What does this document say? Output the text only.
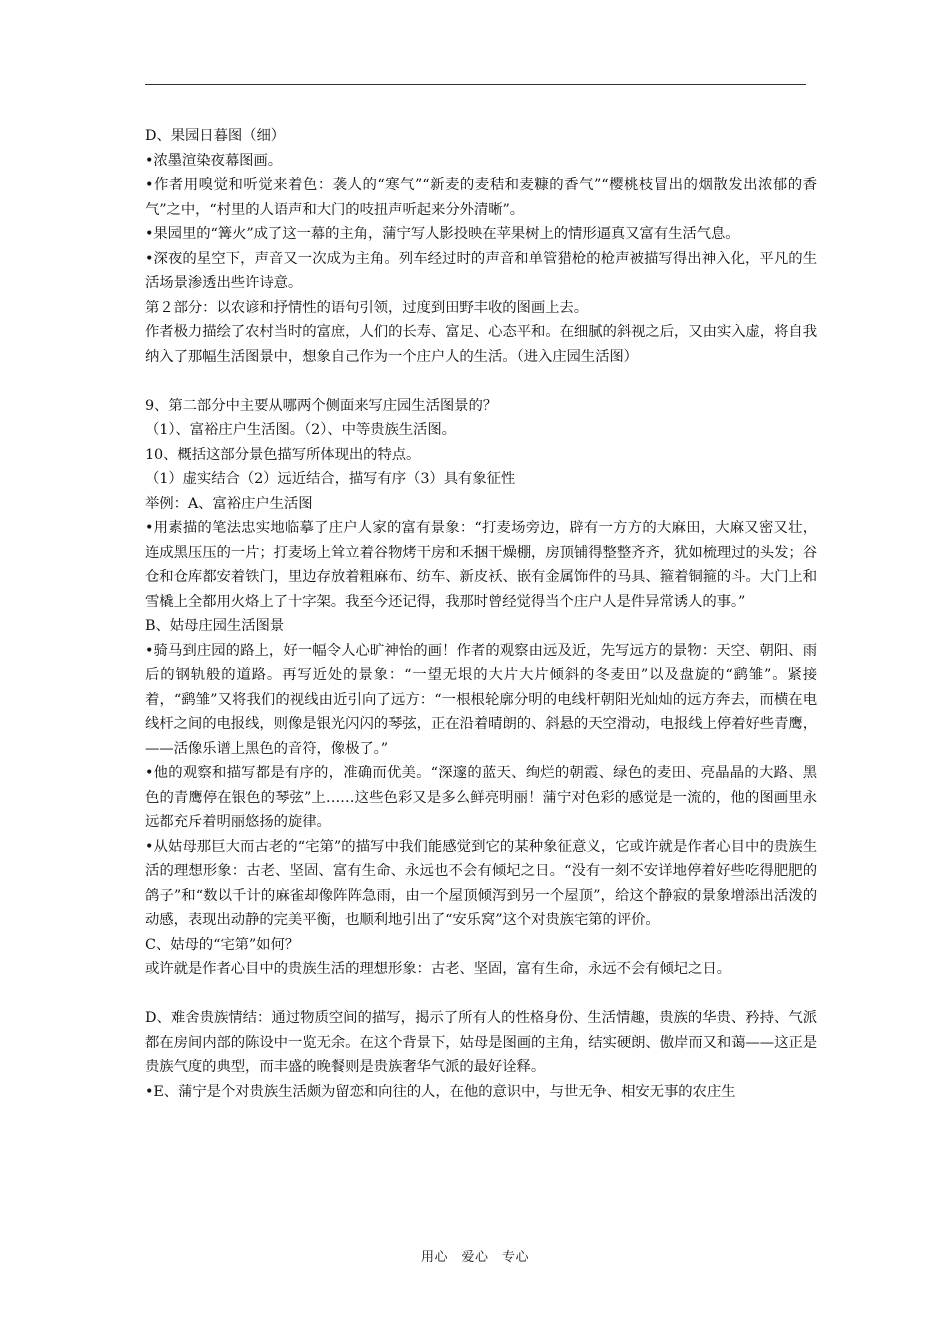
D、果园日暮图（细）

•浓墨渲染夜幕图画。

•作者用嗅觉和听觉来着色：袭人的“寒气”“新麦的麦秸和麦糠的香气”“樱桃枝冒出的烟散发出浓郁的香气”之中，“村里的人语声和大门的吱扭声听起来分外清晰”。

•果园里的“篝火”成了这一幕的主角，蒲宁写人影投映在苹果树上的情形逼真又富有生活气息。

•深夜的星空下，声音又一次成为主角。列车经过时的声音和单管猎枪的枪声被描写得出神入化，平凡的生活场景渗透出些许诗意。

第２部分：以农谚和抒情性的语句引领，过度到田野丰收的图画上去。

作者极力描绘了农村当时的富庶，人们的长寿、富足、心态平和。在细腻的斜视之后，又由实入虚，将自我纳入了那幅生活图景中，想象自己作为一个庄户人的生活。（进入庄园生活图）

9、第二部分中主要从哪两个侧面来写庄园生活图景的？

（1）、富裕庄户生活图。（2）、中等贵族生活图。

10、概括这部分景色描写所体现出的特点。

（1）虚实结合（2）远近结合，描写有序（3）具有象征性

举例：A、富裕庄户生活图

•用素描的笔法忠实地临摹了庄户人家的富有景象：“打麦场旁边，辟有一方方的大麻田，大麻又密又壮，连成黑压压的一片；打麦场上耸立着谷物烤干房和禾捆干燥棚，房顶铺得整整齐齐，犹如梳理过的头发；谷仓和仓库都安着铁门，里边存放着粗麻布、纺车、新皮袄、嵌有金属饰件的马具、箍着铜箍的斗。大门上和雪橇上全都用火烙上了十字架。我至今还记得，我那时曾经觉得当个庄户人是件异常诱人的事。”

B、姑母庄园生活图景

•骑马到庄园的路上，好一幅令人心旷神怡的画！作者的观察由远及近，先写远方的景物：天空、朝阳、雨后的钢轨般的道路。再写近处的景象：“一望无垠的大片大片倾斜的冬麦田”以及盘旋的“鹞雏”。紧接着，“鹞雏”又将我们的视线由近引向了远方：“一根根轮廓分明的电线杆朝阳光灿灿的远方奔去，而横在电线杆之间的电报线，则像是银光闪闪的琴弦，正在沿着晴朗的、斜悬的天空滑动，电报线上停着好些青鹰，——活像乐谱上黑色的音符，像极了。”

•他的观察和描写都是有序的，准确而优美。“深邃的蓝天、绚烂的朝霞、绿色的麦田、亮晶晶的大路、黑色的青鹰停在银色的琴弦”上……这些色彩又是多么鲜亮明丽！蒲宁对色彩的感觉是一流的，他的图画里永远都充斥着明丽悠扬的旋律。

•从姑母那巨大而古老的“宅第”的描写中我们能感觉到它的某种象征意义，它或许就是作者心目中的贵族生活的理想形象：古老、坚固、富有生命、永远也不会有倾圮之日。“没有一刻不安详地停着好些吃得肥肥的鸽子”和“数以千计的麻雀却像阵阵急雨，由一个屋顶倾泻到另一个屋顶”，给这个静寂的景象增添出活泼的动感，表现出动静的完美平衡，也顺利地引出了“安乐窝”这个对贵族宅第的评价。

C、姑母的“宅第”如何？

或许就是作者心目中的贵族生活的理想形象：古老、坚固，富有生命，永远不会有倾圮之日。

D、难舍贵族情结：通过物质空间的描写，揭示了所有人的性格身份、生活情趣，贵族的华贵、矜持、气派都在房间内部的陈设中一览无余。在这个背景下，姑母是图画的主角，结实硬朗、傲岸而又和蔼——这正是贵族气度的典型，而丰盛的晚餐则是贵族奢华气派的最好诠释。

•E、蒲宁是个对贵族生活颇为留恋和向往的人，在他的意识中，与世无争、相安无事的农庄生

用心　爱心　专心
